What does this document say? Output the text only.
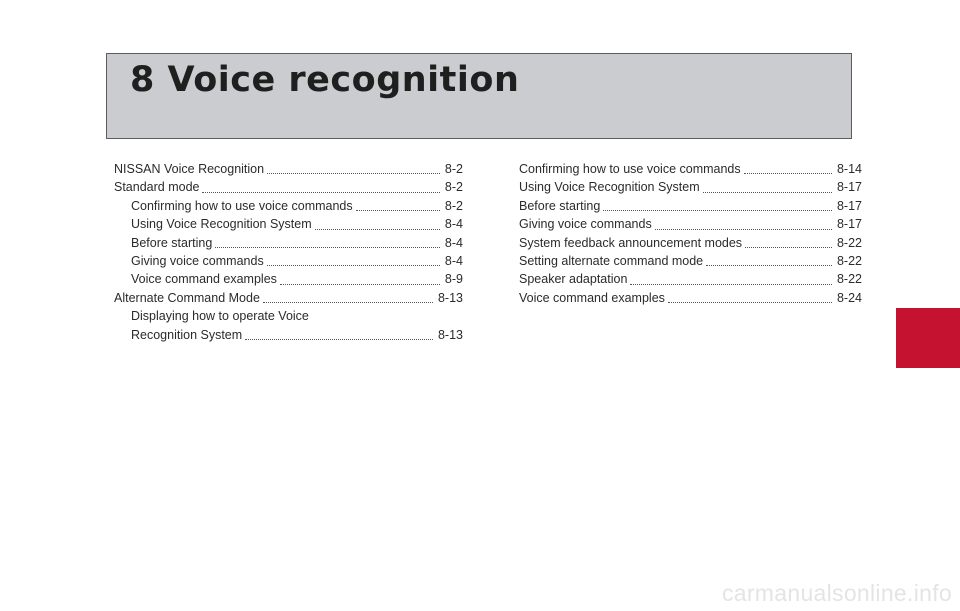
8 Voice recognition
NISSAN Voice Recognition	8-2
Standard mode	8-2
Confirming how to use voice commands	8-2
Using Voice Recognition System	8-4
Before starting	8-4
Giving voice commands	8-4
Voice command examples	8-9
Alternate Command Mode	8-13
Displaying how to operate Voice
Recognition System	8-13
Confirming how to use voice commands	8-14
Using Voice Recognition System	8-17
Before starting	8-17
Giving voice commands	8-17
System feedback announcement modes	8-22
Setting alternate command mode	8-22
Speaker adaptation	8-22
Voice command examples	8-24
carmanualsonline.info
